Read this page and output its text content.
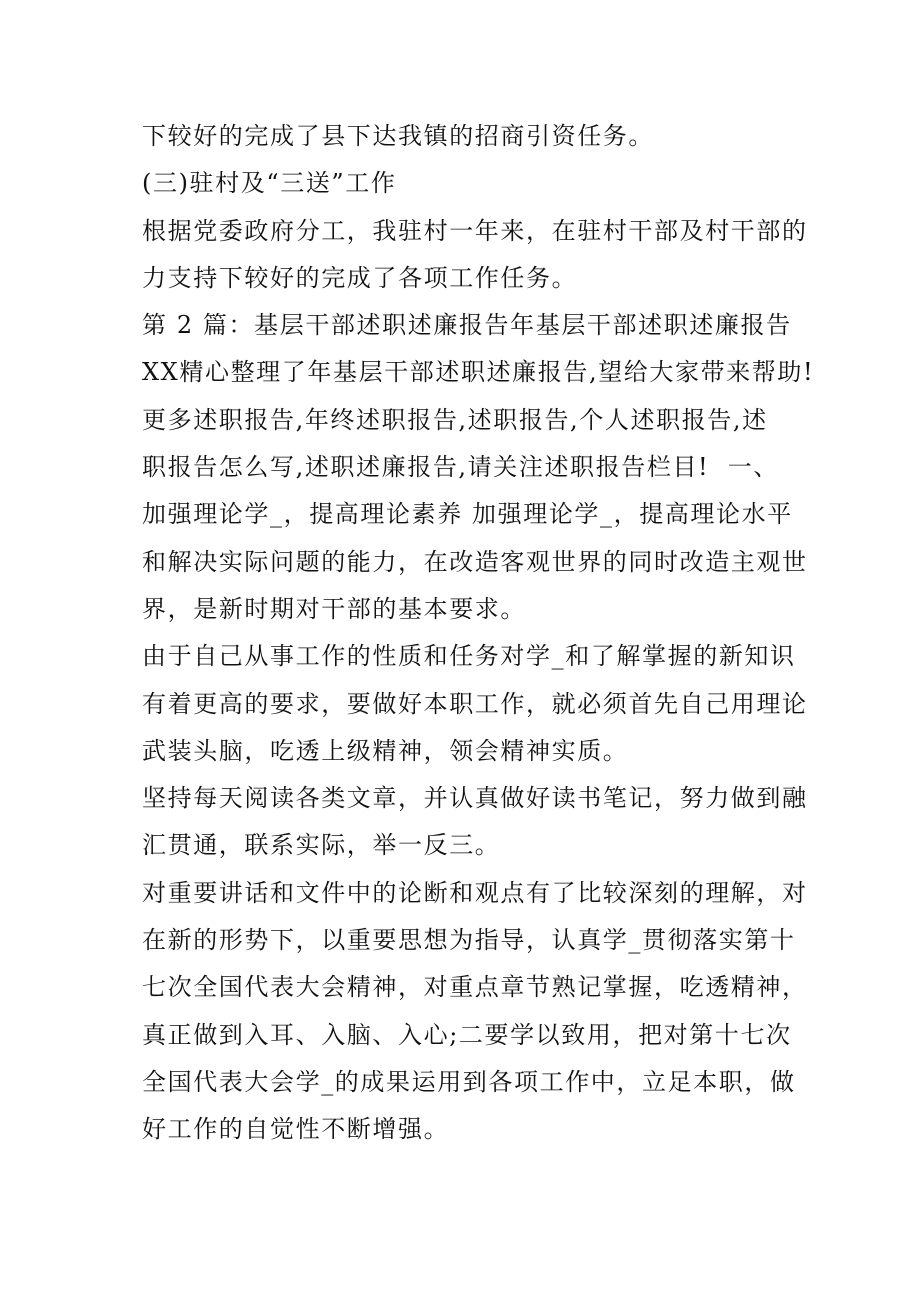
下较好的完成了县下达我镇的招商引资任务。
(三)驻村及“三送”工作
根据党委政府分工，我驻村一年来，在驻村干部及村干部的
力支持下较好的完成了各项工作任务。
第 2 篇：基层干部述职述廉报告年基层干部述职述廉报告
XX精心整理了年基层干部述职述廉报告,望给大家带来帮助!
更多述职报告,年终述职报告,述职报告,个人述职报告,述
职报告怎么写,述职述廉报告,请关注述职报告栏目!  一、
加强理论学_，提高理论素养 加强理论学_，提高理论水平
和解决实际问题的能力，在改造客观世界的同时改造主观世
界，是新时期对干部的基本要求。
由于自己从事工作的性质和任务对学_和了解掌握的新知识
有着更高的要求，要做好本职工作，就必须首先自己用理论
武装头脑，吃透上级精神，领会精神实质。
坚持每天阅读各类文章，并认真做好读书笔记，努力做到融
汇贯通，联系实际，举一反三。
对重要讲话和文件中的论断和观点有了比较深刻的理解，对
在新的形势下，以重要思想为指导，认真学_贯彻落实第十
七次全国代表大会精神，对重点章节熟记掌握，吃透精神，
真正做到入耳、入脑、入心;二要学以致用，把对第十七次
全国代表大会学_的成果运用到各项工作中，立足本职，做
好工作的自觉性不断增强。
